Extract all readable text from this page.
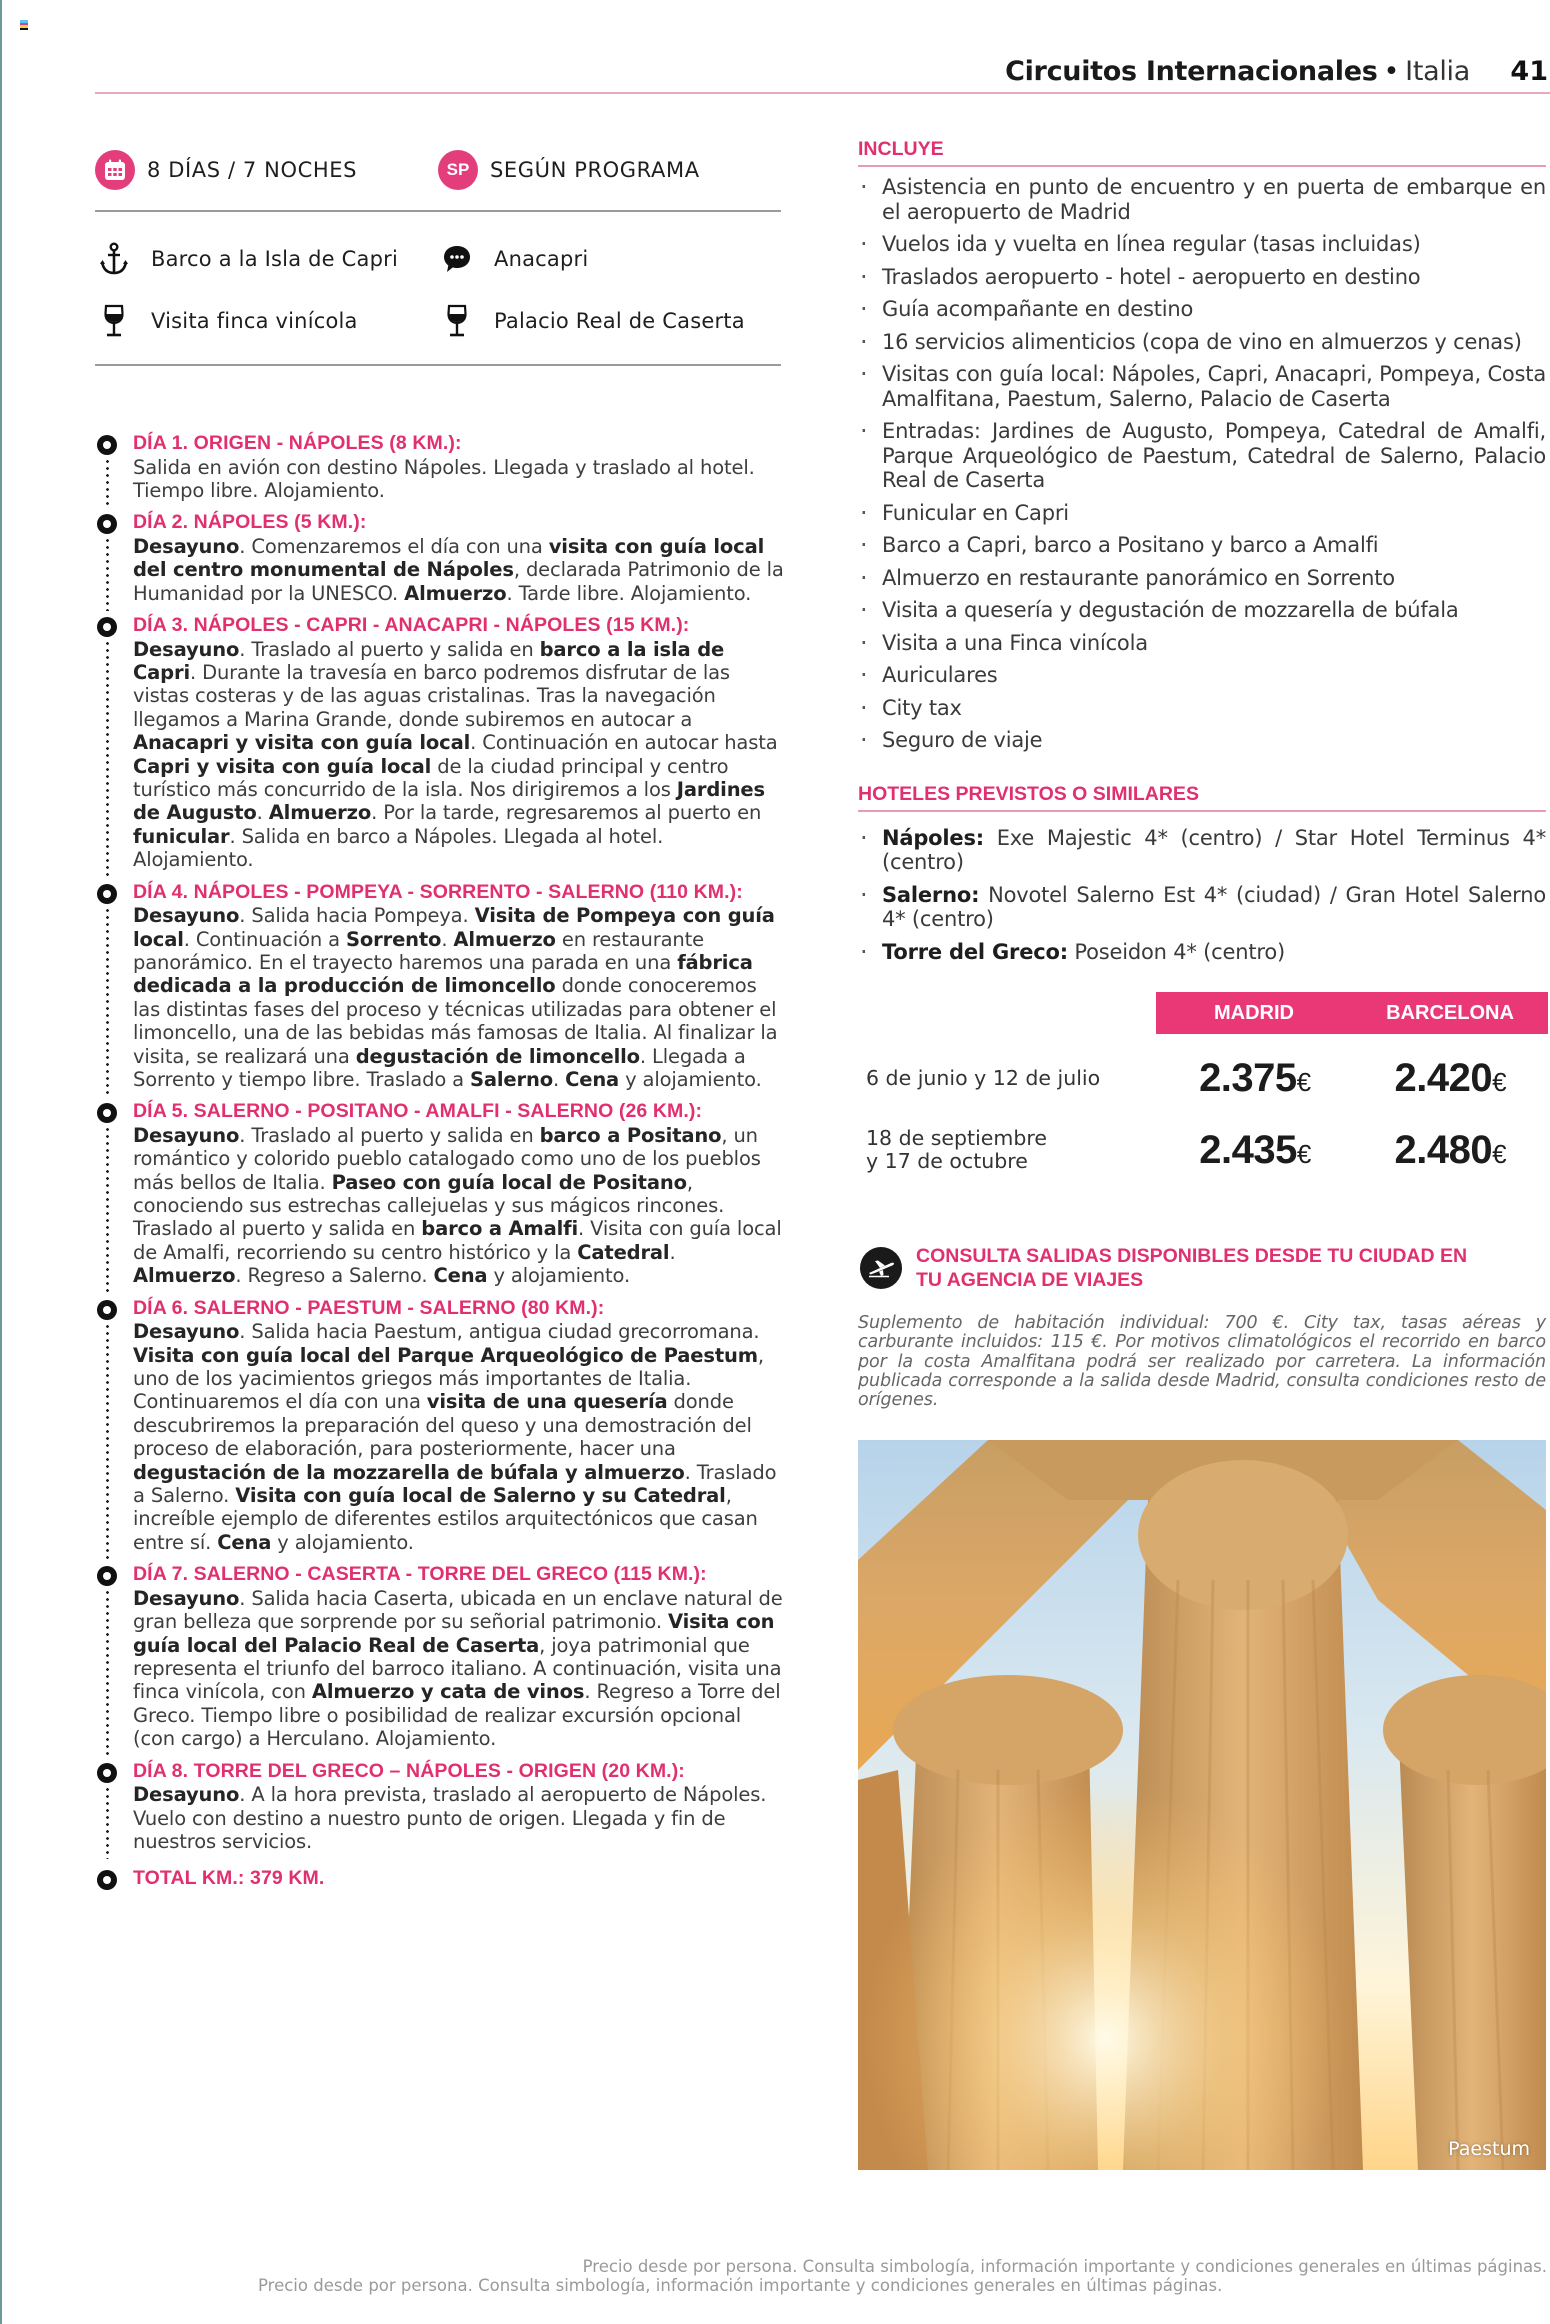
Circuitos Internacionales • Italia 41
8 DÍAS / 7 NOCHES	SP SEGÚN PROGRAMA
Barco a la Isla de Capri	Anacapri
Visita finca vinícola	Palacio Real de Caserta
DÍA 1. ORIGEN - NÁPOLES (8 KM.):

Salida en avión con destino Nápoles. Llegada y traslado al hotel. Tiempo libre. Alojamiento.

DÍA 2. NÁPOLES (5 KM.):

Desayuno. Comenzaremos el día con una visita con guía local del centro monumental de Nápoles, declarada Patrimonio de la Humanidad por la UNESCO. Almuerzo. Tarde libre. Alojamiento.

DÍA 3. NÁPOLES - CAPRI - ANACAPRI - NÁPOLES (15 KM.):

Desayuno. Traslado al puerto y salida en barco a la isla de Capri. Durante la travesía en barco podremos disfrutar de las vistas costeras y de las aguas cristalinas. Tras la navegación llegamos a Marina Grande, donde subiremos en autocar a Anacapri y visita con guía local. Continuación en autocar hasta Capri y visita con guía local de la ciudad principal y centro turístico más concurrido de la isla. Nos dirigiremos a los Jardines de Augusto. Almuerzo. Por la tarde, regresaremos al puerto en funicular. Salida en barco a Nápoles. Llegada al hotel. Alojamiento.

DÍA 4. NÁPOLES - POMPEYA - SORRENTO - SALERNO (110 KM.):

Desayuno. Salida hacia Pompeya. Visita de Pompeya con guía local. Continuación a Sorrento. Almuerzo en restaurante panorámico. En el trayecto haremos una parada en una fábrica dedicada a la producción de limoncello donde conoceremos las distintas fases del proceso y técnicas utilizadas para obtener el limoncello, una de las bebidas más famosas de Italia. Al finalizar la visita, se realizará una degustación de limoncello. Llegada a Sorrento y tiempo libre. Traslado a Salerno. Cena y alojamiento.

DÍA 5. SALERNO - POSITANO - AMALFI - SALERNO (26 KM.):

Desayuno. Traslado al puerto y salida en barco a Positano, un romántico y colorido pueblo catalogado como uno de los pueblos más bellos de Italia. Paseo con guía local de Positano, conociendo sus estrechas callejuelas y sus mágicos rincones. Traslado al puerto y salida en barco a Amalfi. Visita con guía local de Amalfi, recorriendo su centro histórico y la Catedral. Almuerzo. Regreso a Salerno. Cena y alojamiento.

DÍA 6. SALERNO - PAESTUM - SALERNO (80 KM.):

Desayuno. Salida hacia Paestum, antigua ciudad grecorromana. Visita con guía local del Parque Arqueológico de Paestum, uno de los yacimientos griegos más importantes de Italia. Continuaremos el día con una visita de una quesería donde descubriremos la preparación del queso y una demostración del proceso de elaboración, para posteriormente, hacer una degustación de la mozzarella de búfala y almuerzo. Traslado a Salerno. Visita con guía local de Salerno y su Catedral, increíble ejemplo de diferentes estilos arquitectónicos que casan entre sí. Cena y alojamiento.

DÍA 7. SALERNO - CASERTA - TORRE DEL GRECO (115 KM.):

Desayuno. Salida hacia Caserta, ubicada en un enclave natural de gran belleza que sorprende por su señorial patrimonio. Visita con guía local del Palacio Real de Caserta, joya patrimonial que representa el triunfo del barroco italiano. A continuación, visita una finca vinícola, con Almuerzo y cata de vinos. Regreso a Torre del Greco. Tiempo libre o posibilidad de realizar excursión opcional (con cargo) a Herculano. Alojamiento.

DÍA 8. TORRE DEL GRECO – NÁPOLES - ORIGEN (20 KM.):

Desayuno. A la hora prevista, traslado al aeropuerto de Nápoles. Vuelo con destino a nuestro punto de origen. Llegada y fin de nuestros servicios.

TOTAL KM.: 379 KM.
INCLUYE
· Asistencia en punto de encuentro y en puerta de embarque en el aeropuerto de Madrid
· Vuelos ida y vuelta en línea regular (tasas incluidas)
· Traslados aeropuerto - hotel - aeropuerto en destino
· Guía acompañante en destino
· 16 servicios alimenticios (copa de vino en almuerzos y cenas)
· Visitas con guía local: Nápoles, Capri, Anacapri, Pompeya, Costa Amalfitana, Paestum, Salerno, Palacio de Caserta
· Entradas: Jardines de Augusto, Pompeya, Catedral de Amalfi, Parque Arqueológico de Paestum, Catedral de Salerno, Palacio Real de Caserta
· Funicular en Capri
· Barco a Capri, barco a Positano y barco a Amalfi
· Almuerzo en restaurante panorámico en Sorrento
· Visita a quesería y degustación de mozzarella de búfala
· Visita a una Finca vinícola
· Auriculares
· City tax
· Seguro de viaje
HOTELES PREVISTOS O SIMILARES
· Nápoles: Exe Majestic 4* (centro) / Star Hotel Terminus 4* (centro)
· Salerno: Novotel Salerno Est 4* (ciudad) / Gran Hotel Salerno 4* (centro)
· Torre del Greco: Poseidon 4* (centro)
MADRID	BARCELONA
6 de junio y 12 de julio	2.375€	2.420€
18 de septiembre y 17 de octubre	2.435€	2.480€
CONSULTA SALIDAS DISPONIBLES DESDE TU CIUDAD EN TU AGENCIA DE VIAJES

Suplemento de habitación individual: 700 €. City tax, tasas aéreas y carburante incluidos: 115 €. Por motivos climatológicos el recorrido en barco por la costa Amalfitana podrá ser realizado por carretera. La información publicada corresponde a la salida desde Madrid, consulta condiciones resto de orígenes.

Paestum
Precio desde por persona. Consulta simbología, información importante y condiciones generales en últimas páginas.
Precio desde por persona. Consulta simbología, información importante y condiciones generales en últimas páginas.
